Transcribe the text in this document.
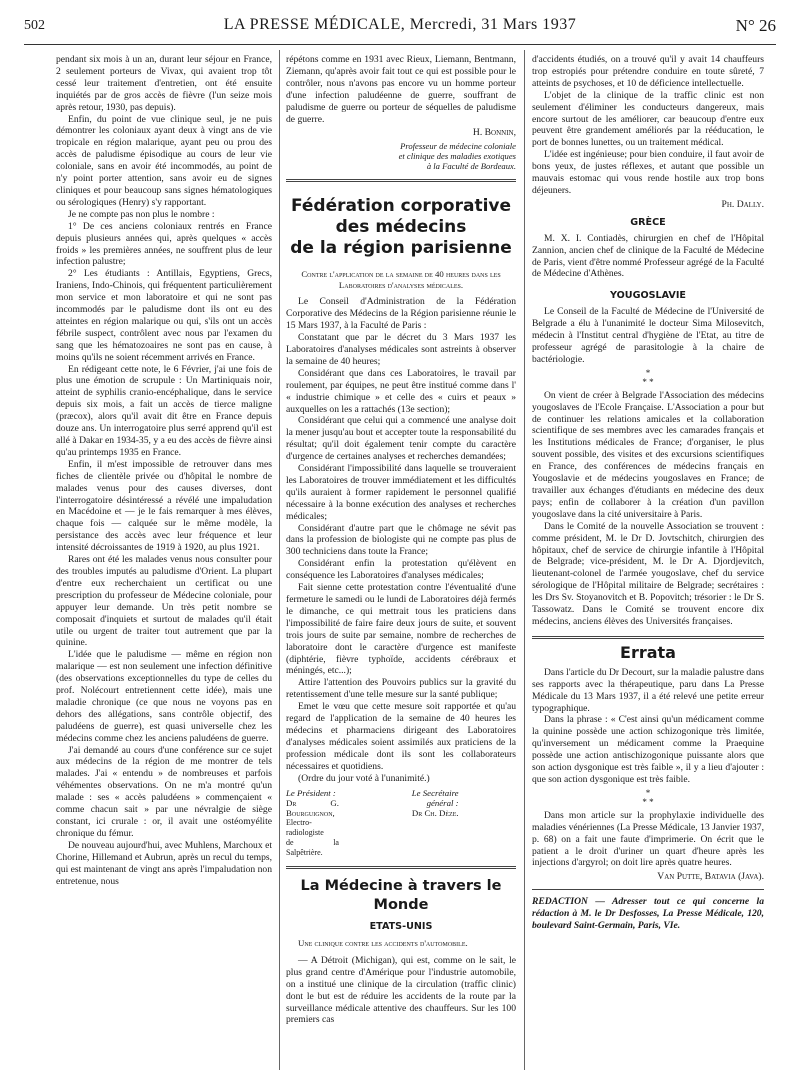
502	LA PRESSE MÉDICALE, Mercredi, 31 Mars 1937	N° 26

pendant six mois à un an, durant leur séjour en France, 2 seulement porteurs de Vivax, qui avaient trop tôt cessé leur traitement d'entretien, ont été ensuite inquiétés par de gros accès de fièvre (l'un seize mois après retour, 1930, pas depuis).

Enfin, du point de vue clinique seul, je ne puis démontrer les coloniaux ayant deux à vingt ans de vie tropicale en région malarique, ayant peu ou prou des accès de paludisme épisodique au cours de leur vie coloniale, sans en avoir été incommodés, au point de n'y point porter attention, sans avoir eu de signes cliniques et pour beaucoup sans signes hématologiques ou sérologiques (Henry) s'y rapportant.

Je ne compte pas non plus le nombre :

1° De ces anciens coloniaux rentrés en France depuis plusieurs années qui, après quelques « accès froids » les premières années, ne souffrent plus de leur infection palustre;

2° Les étudiants : Antillais, Egyptiens, Grecs, Iraniens, Indo-Chinois, qui fréquentent particulièrement mon service et mon laboratoire et qui ne sont pas incommodés par le paludisme dont ils ont eu des atteintes en région malarique ou qui, s'ils ont un accès fébrile suspect, contrôlent avec nous par l'examen du sang que les hématozoaires ne sont pas en cause, à moins qu'ils ne soient récemment arrivés en France.

En rédigeant cette note, le 6 Février, j'ai une fois de plus une émotion de scrupule : Un Martiniquais noir, atteint de syphilis cranio-encéphalique, dans le service depuis six mois, a fait un accès de tierce maligne (præcox), alors qu'il avait dit être en France depuis douze ans. Un interrogatoire plus serré apprend qu'il est allé à Dakar en 1934-35, y a eu des accès de fièvre ainsi qu'au printemps 1935 en France.

Enfin, il m'est impossible de retrouver dans mes fiches de clientèle privée ou d'hôpital le nombre de malades venus pour des causes diverses, dont l'interrogatoire désintéressé a révélé une impaludation en Macédoine et — je le fais remarquer à mes élèves, chaque fois — calquée sur le même modèle, la persistance des accès avec leur fréquence et leur intensité décroissantes de 1919 à 1920, au plus 1921.

Rares ont été les malades venus nous consulter pour des troubles imputés au paludisme d'Orient. La plupart d'entre eux recherchaient un certificat ou une prescription du professeur de Médecine coloniale, pour appuyer leur demande. Un très petit nombre se composait d'inquiets et surtout de malades qu'il était utile ou urgent de traiter tout autrement que par la quinine.

L'idée que le paludisme — même en région non malarique — est non seulement une infection définitive (des observations exceptionnelles du type de celles du prof. Nolécourt entretiennent cette idée), mais une maladie chronique (ce que nous ne voyons pas en dehors des allégations, sans contrôle objectif, des paludéens de guerre), est quasi universelle chez les médecins comme chez les anciens paludéens de guerre.

J'ai demandé au cours d'une conférence sur ce sujet aux médecins de la région de me montrer de tels malades. J'ai « entendu » de nombreuses et parfois véhémentes observations. On ne m'a montré qu'un malade : ses « accès paludéens » commençaient « comme chacun sait » par une névralgie de siège constant, ici crurale : or, il avait une ostéomyélite chronique du fémur.

De nouveau aujourd'hui, avec Muhlens, Marchoux et Chorine, Hillemand et Aubrun, après un recul du temps, qui est maintenant de vingt ans après l'impaludation non entretenue, nous

répétons comme en 1931 avec Rieux, Liemann, Bentmann, Ziemann, qu'après avoir fait tout ce qui est possible pour le contrôler, nous n'avons pas encore vu un homme porteur d'une infection paludéenne de guerre, souffrant de paludisme de guerre ou porteur de séquelles de paludisme de guerre.

H. Bonnin,

Professeur de médecine coloniale

et clinique des maladies exotiques

à la Faculté de Bordeaux.

Fédération corporative
des médecins
de la région parisienne

Contre l'application de la semaine de 40 heures dans les Laboratoires d'analyses médicales.

Le Conseil d'Administration de la Fédération Corporative des Médecins de la Région parisienne réunie le 15 Mars 1937, à la Faculté de Paris :

Constatant que par le décret du 3 Mars 1937 les Laboratoires d'analyses médicales sont astreints à observer la semaine de 40 heures;

Considérant que dans ces Laboratoires, le travail par roulement, par équipes, ne peut être institué comme dans l' « industrie chimique » et celle des « cuirs et peaux » auxquelles on les a rattachés (13e section);

Considérant que celui qui a commencé une analyse doit la mener jusqu'au bout et accepter toute la responsabilité du résultat; qu'il doit également tenir compte du caractère d'urgence de certaines analyses et recherches demandées;

Considérant l'impossibilité dans laquelle se trouveraient les Laboratoires de trouver immédiatement et les difficultés qu'ils auraient à former rapidement le personnel qualifié nécessaire à la bonne exécution des analyses et recherches médicales;

Considérant d'autre part que le chômage ne sévit pas dans la profession de biologiste qui ne compte pas plus de 300 techniciens dans toute la France;

Considérant enfin la protestation qu'élèvent en conséquence les Laboratoires d'analyses médicales;

Fait sienne cette protestation contre l'éventualité d'une fermeture le samedi ou le lundi de Laboratoires déjà fermés le dimanche, ce qui mettrait tous les praticiens dans l'impossibilité de faire faire deux jours de suite, et souvent trois jours de suite par semaine, nombre de recherches de laboratoire dont le caractère d'urgence est manifeste (diphtérie, fièvre typhoïde, accidents cérébraux et méningés, etc...);

Attire l'attention des Pouvoirs publics sur la gravité du retentissement d'une telle mesure sur la santé publique;

Emet le vœu que cette mesure soit rapportée et qu'au regard de l'application de la semaine de 40 heures les médecins et pharmaciens dirigeant des Laboratoires d'analyses médicales soient assimilés aux praticiens de la profession médicale dont ils sont les collaborateurs nécessaires et quotidiens.

(Ordre du jour voté à l'unanimité.)

Le Président :
Dr G. Bourguignon,
Electro-radiologiste
de la Salpêtrière.
Le Secrétaire général :
Dr Ch. Dèze.

La Médecine à travers le Monde

ETATS-UNIS

Une clinique contre les accidents d'automobile.

— A Détroit (Michigan), qui est, comme on le sait, le plus grand centre d'Amérique pour l'industrie automobile, on a institué une clinique de la circulation (traffic clinic) dont le but est de réduire les accidents de la route par la surveillance médicale attentive des chauffeurs. Sur les 100 premiers cas

d'accidents étudiés, on a trouvé qu'il y avait 14 chauffeurs trop estropiés pour prétendre conduire en toute sûreté, 7 atteints de psychoses, et 10 de déficience intellectuelle.

L'objet de la clinique de la traffic clinic est non seulement d'éliminer les conducteurs dangereux, mais encore surtout de les améliorer, car beaucoup d'entre eux peuvent être grandement améliorés par la rééducation, le port de bonnes lunettes, ou un traitement médical.

L'idée est ingénieuse; pour bien conduire, il faut avoir de bons yeux, de justes réflexes, et autant que possible un mauvais estomac qui vous rende hostile aux trop bons déjeuners.

Ph. Dally.

GRÈCE

M. X. I. Contiadès, chirurgien en chef de l'Hôpital Zannion, ancien chef de clinique de la Faculté de Médecine de Paris, vient d'être nommé Professeur agrégé de la Faculté de Médecine d'Athènes.

YOUGOSLAVIE

Le Conseil de la Faculté de Médecine de l'Université de Belgrade a élu à l'unanimité le docteur Sima Milosevitch, médecin à l'Institut central d'hygiène de l'Etat, au titre de professeur agrégé de parasitologie à la chaire de bactériologie.

*
* *

On vient de créer à Belgrade l'Association des médecins yougoslaves de l'Ecole Française. L'Association a pour but de continuer les relations amicales et la collaboration scientifique de ses membres avec les camarades français et les Institutions médicales de France; d'organiser, le plus souvent possible, des visites et des excursions scientifiques en France, des conférences de médecins français en Yougoslavie et de médecins yougoslaves en France; de travailler aux échanges d'étudiants en médecine des deux pays; enfin de collaborer à la création d'un pavillon yougoslave dans la cité universitaire à Paris.

Dans le Comité de la nouvelle Association se trouvent : comme président, M. le Dr D. Jovtschitch, chirurgien des hôpitaux, chef de service de chirurgie infantile à l'Hôpital de Belgrade; vice-président, M. le Dr A. Djordjevitch, lieutenant-colonel de l'armée yougoslave, chef du service sérologique de l'Hôpital militaire de Belgrade; secrétaires : les Drs Sv. Stoyanovitch et B. Popovitch; trésorier : le Dr S. Tassowatz. Dans le Comité se trouvent encore dix médecins, anciens élèves des Universités françaises.

Errata

Dans l'article du Dr Decourt, sur la maladie palustre dans ses rapports avec la thérapeutique, paru dans La Presse Médicale du 13 Mars 1937, il a été relevé une petite erreur typographique.

Dans la phrase : « C'est ainsi qu'un médicament comme la quinine possède une action schizogonique très limitée, qu'inversement un médicament comme la Praequine possède une action antischizogonique puissante alors que son action dysgonique est très faible », il y a lieu d'ajouter : que son action dysgonique est très faible.

*
* *

Dans mon article sur la prophylaxie individuelle des maladies vénériennes (La Presse Médicale, 13 Janvier 1937, p. 68) on a fait une faute d'imprimerie. On écrit que le patient a le droit d'uriner un quart d'heure après les injections d'argyrol; on doit lire après quatre heures.

Van Putte, Batavia (Java).

REDACTION — Adresser tout ce qui concerne la rédaction à M. le Dr Desfosses, La Presse Médicale, 120, boulevard Saint-Germain, Paris, VIe.
